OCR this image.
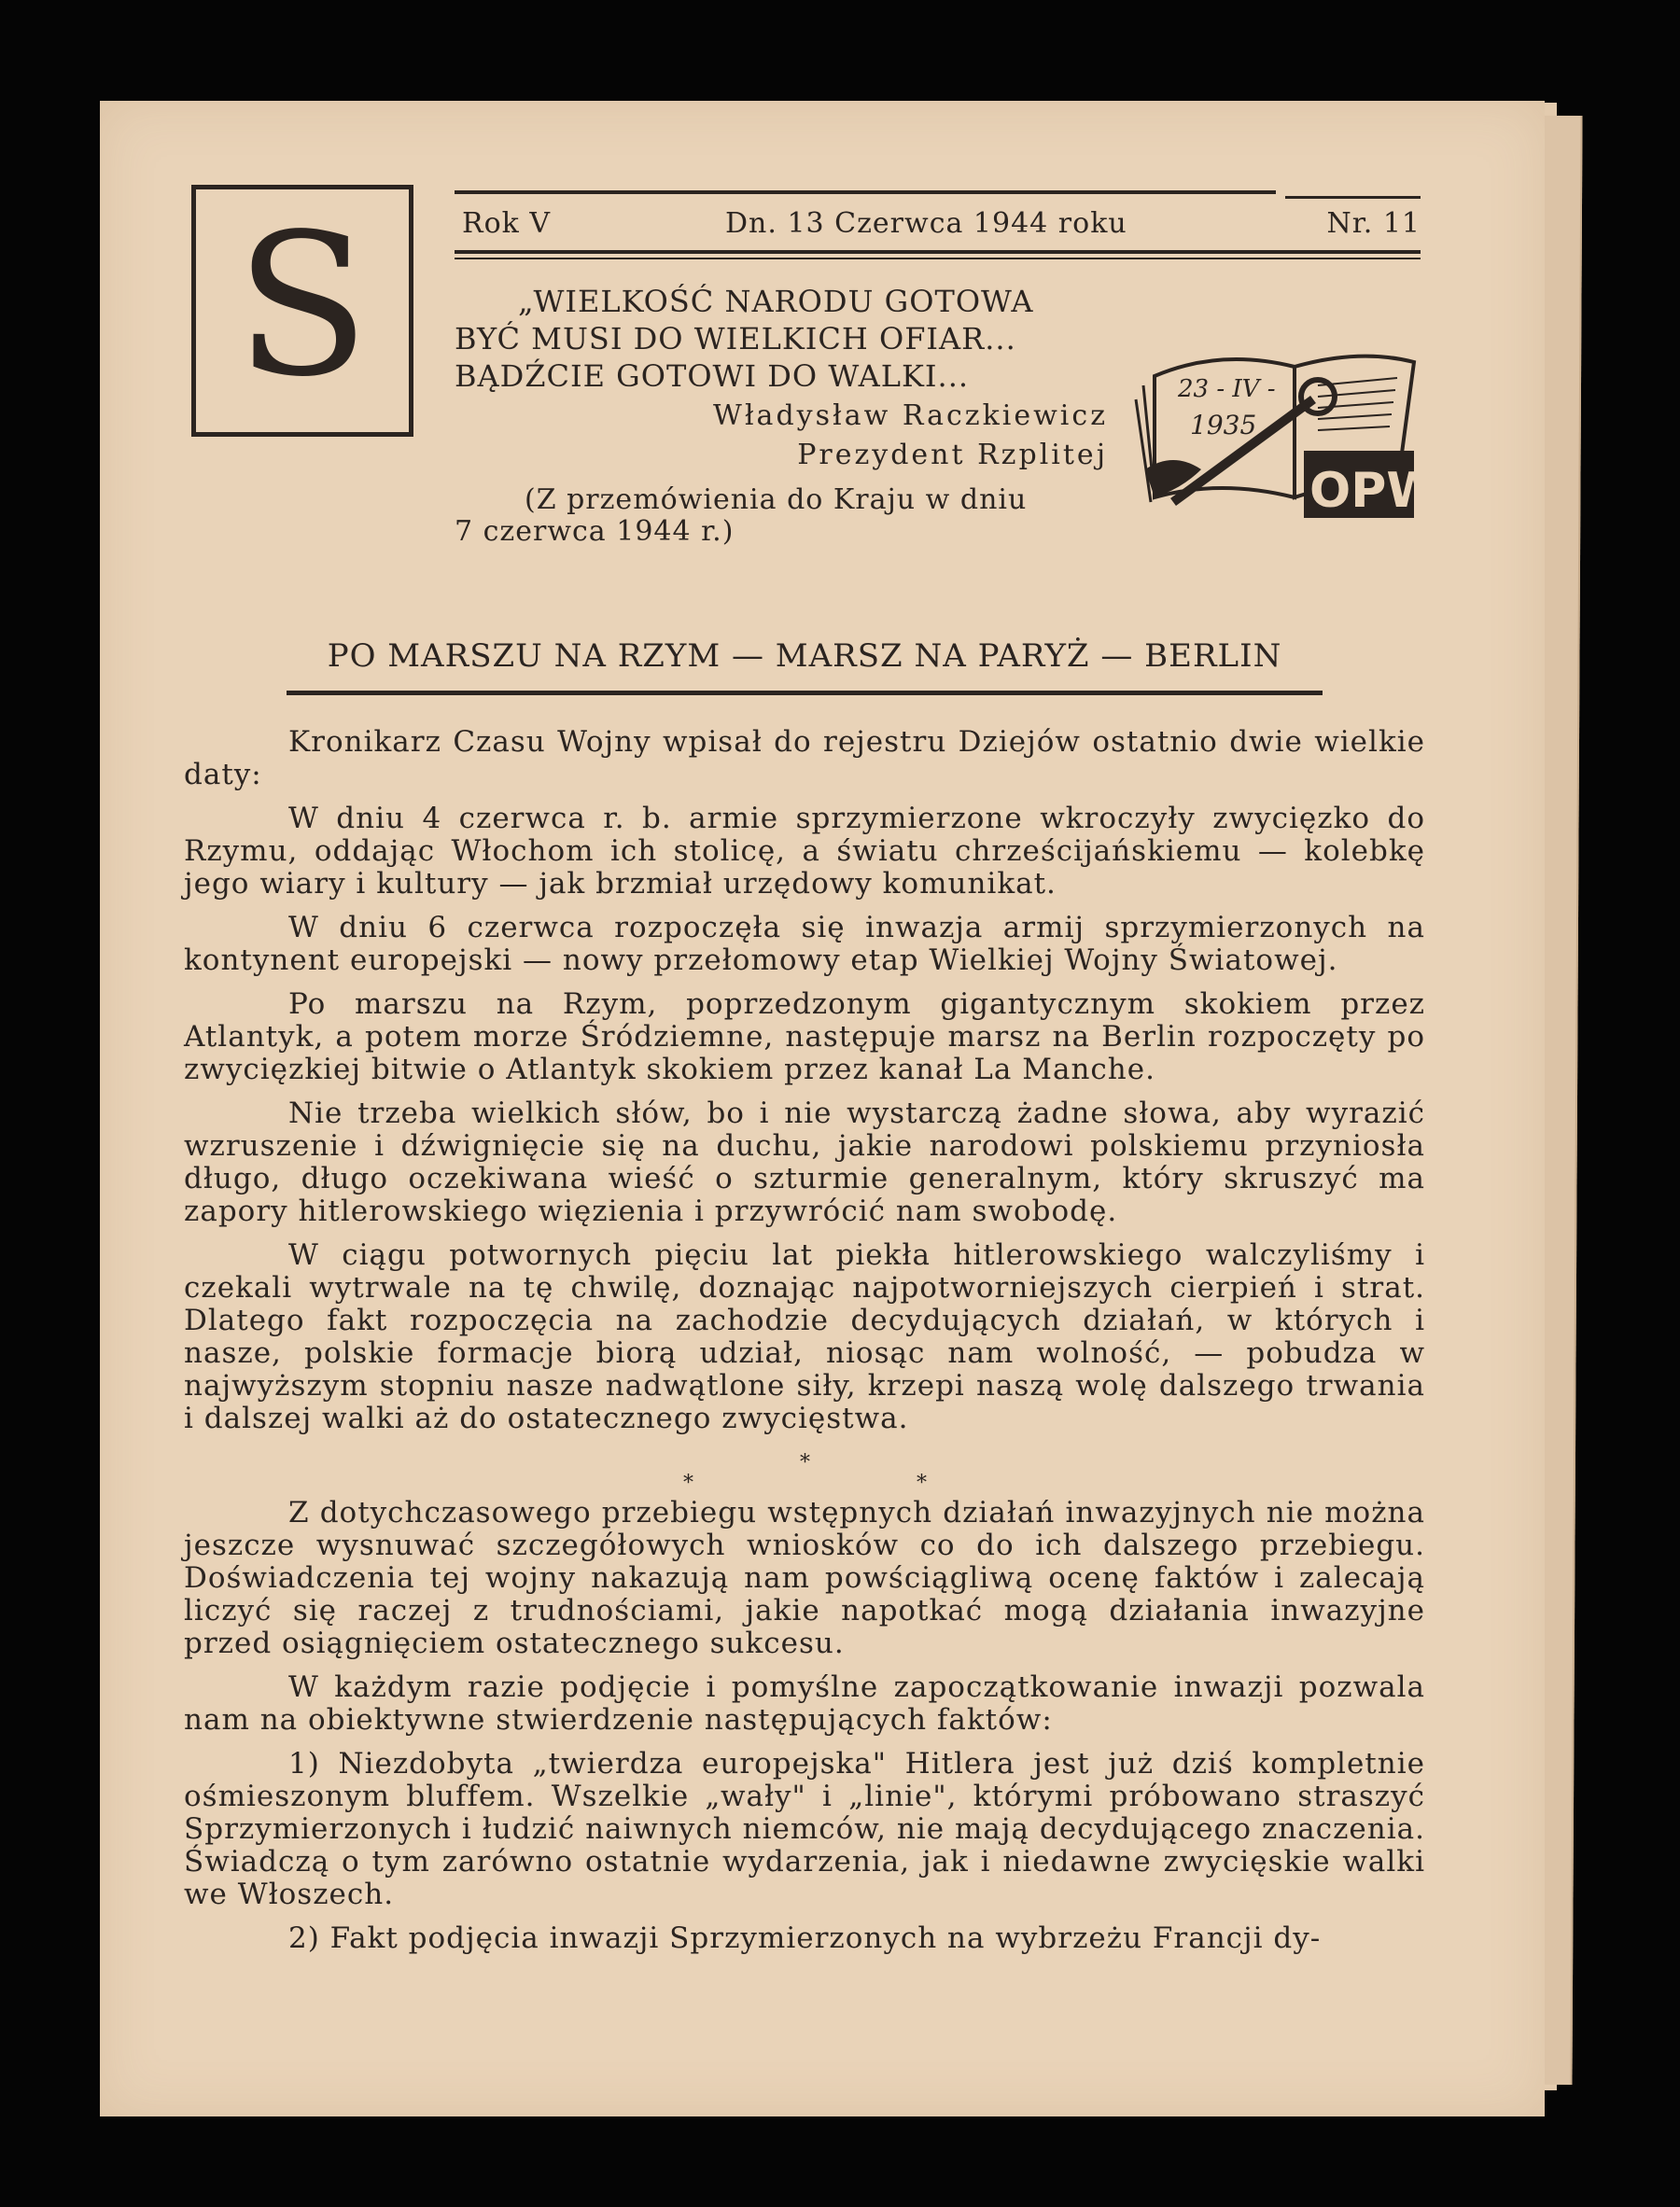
S	Rok V	Dn. 13 Czerwca 1944 roku	Nr. 11
„WIELKOŚĆ NARODU GOTOWA
BYĆ MUSI DO WIELKICH OFIAR...
BĄDŹCIE GOTOWI DO WALKI...
Władysław Raczkiewicz
Prezydent Rzplitej
(Z przemówienia do Kraju w dniu
7 czerwca 1944 r.)
23 - IV -
1935
OPW
PO MARSZU NA RZYM — MARSZ NA PARYŻ — BERLIN

Kronikarz Czasu Wojny wpisał do rejestru Dziejów ostatnio dwie wielkie daty:

W dniu 4 czerwca r. b. armie sprzymierzone wkroczyły zwycięzko do Rzymu, oddając Włochom ich stolicę, a światu chrześcijańskiemu — kolebkę jego wiary i kultury — jak brzmiał urzędowy komunikat.

W dniu 6 czerwca rozpoczęła się inwazja armij sprzymierzonych na kontynent europejski — nowy przełomowy etap Wielkiej Wojny Światowej.

Po marszu na Rzym, poprzedzonym gigantycznym skokiem przez Atlantyk, a potem morze Śródziemne, następuje marsz na Berlin rozpoczęty po zwycięzkiej bitwie o Atlantyk skokiem przez kanał La Manche.

Nie trzeba wielkich słów, bo i nie wystarczą żadne słowa, aby wyrazić wzruszenie i dźwignięcie się na duchu, jakie narodowi polskiemu przyniosła długo, długo oczekiwana wieść o szturmie generalnym, który skruszyć ma zapory hitlerowskiego więzienia i przywrócić nam swobodę.

W ciągu potwornych pięciu lat piekła hitlerowskiego walczyliśmy i czekali wytrwale na tę chwilę, doznając najpotworniejszych cierpień i strat. Dlatego fakt rozpoczęcia na zachodzie decydujących działań, w których i nasze, polskie formacje biorą udział, niosąc nam wolność, — pobudza w najwyższym stopniu nasze nadwątlone siły, krzepi naszą wolę dalszego trwania i dalszej walki aż do ostatecznego zwycięstwa.

*
*	*

Z dotychczasowego przebiegu wstępnych działań inwazyjnych nie można jeszcze wysnuwać szczegółowych wniosków co do ich dalszego przebiegu. Doświadczenia tej wojny nakazują nam powściągliwą ocenę faktów i zalecają liczyć się raczej z trudnościami, jakie napotkać mogą działania inwazyjne przed osiągnięciem ostatecznego sukcesu.

W każdym razie podjęcie i pomyślne zapoczątkowanie inwazji pozwala nam na obiektywne stwierdzenie następujących faktów:

1) Niezdobyta „twierdza europejska" Hitlera jest już dziś kompletnie ośmieszonym bluffem. Wszelkie „wały" i „linie", którymi próbowano straszyć Sprzymierzonych i łudzić naiwnych niemców, nie mają decydującego znaczenia. Świadczą o tym zarówno ostatnie wydarzenia, jak i niedawne zwycięskie walki we Włoszech.

2) Fakt podjęcia inwazji Sprzymierzonych na wybrzeżu Francji dy-
